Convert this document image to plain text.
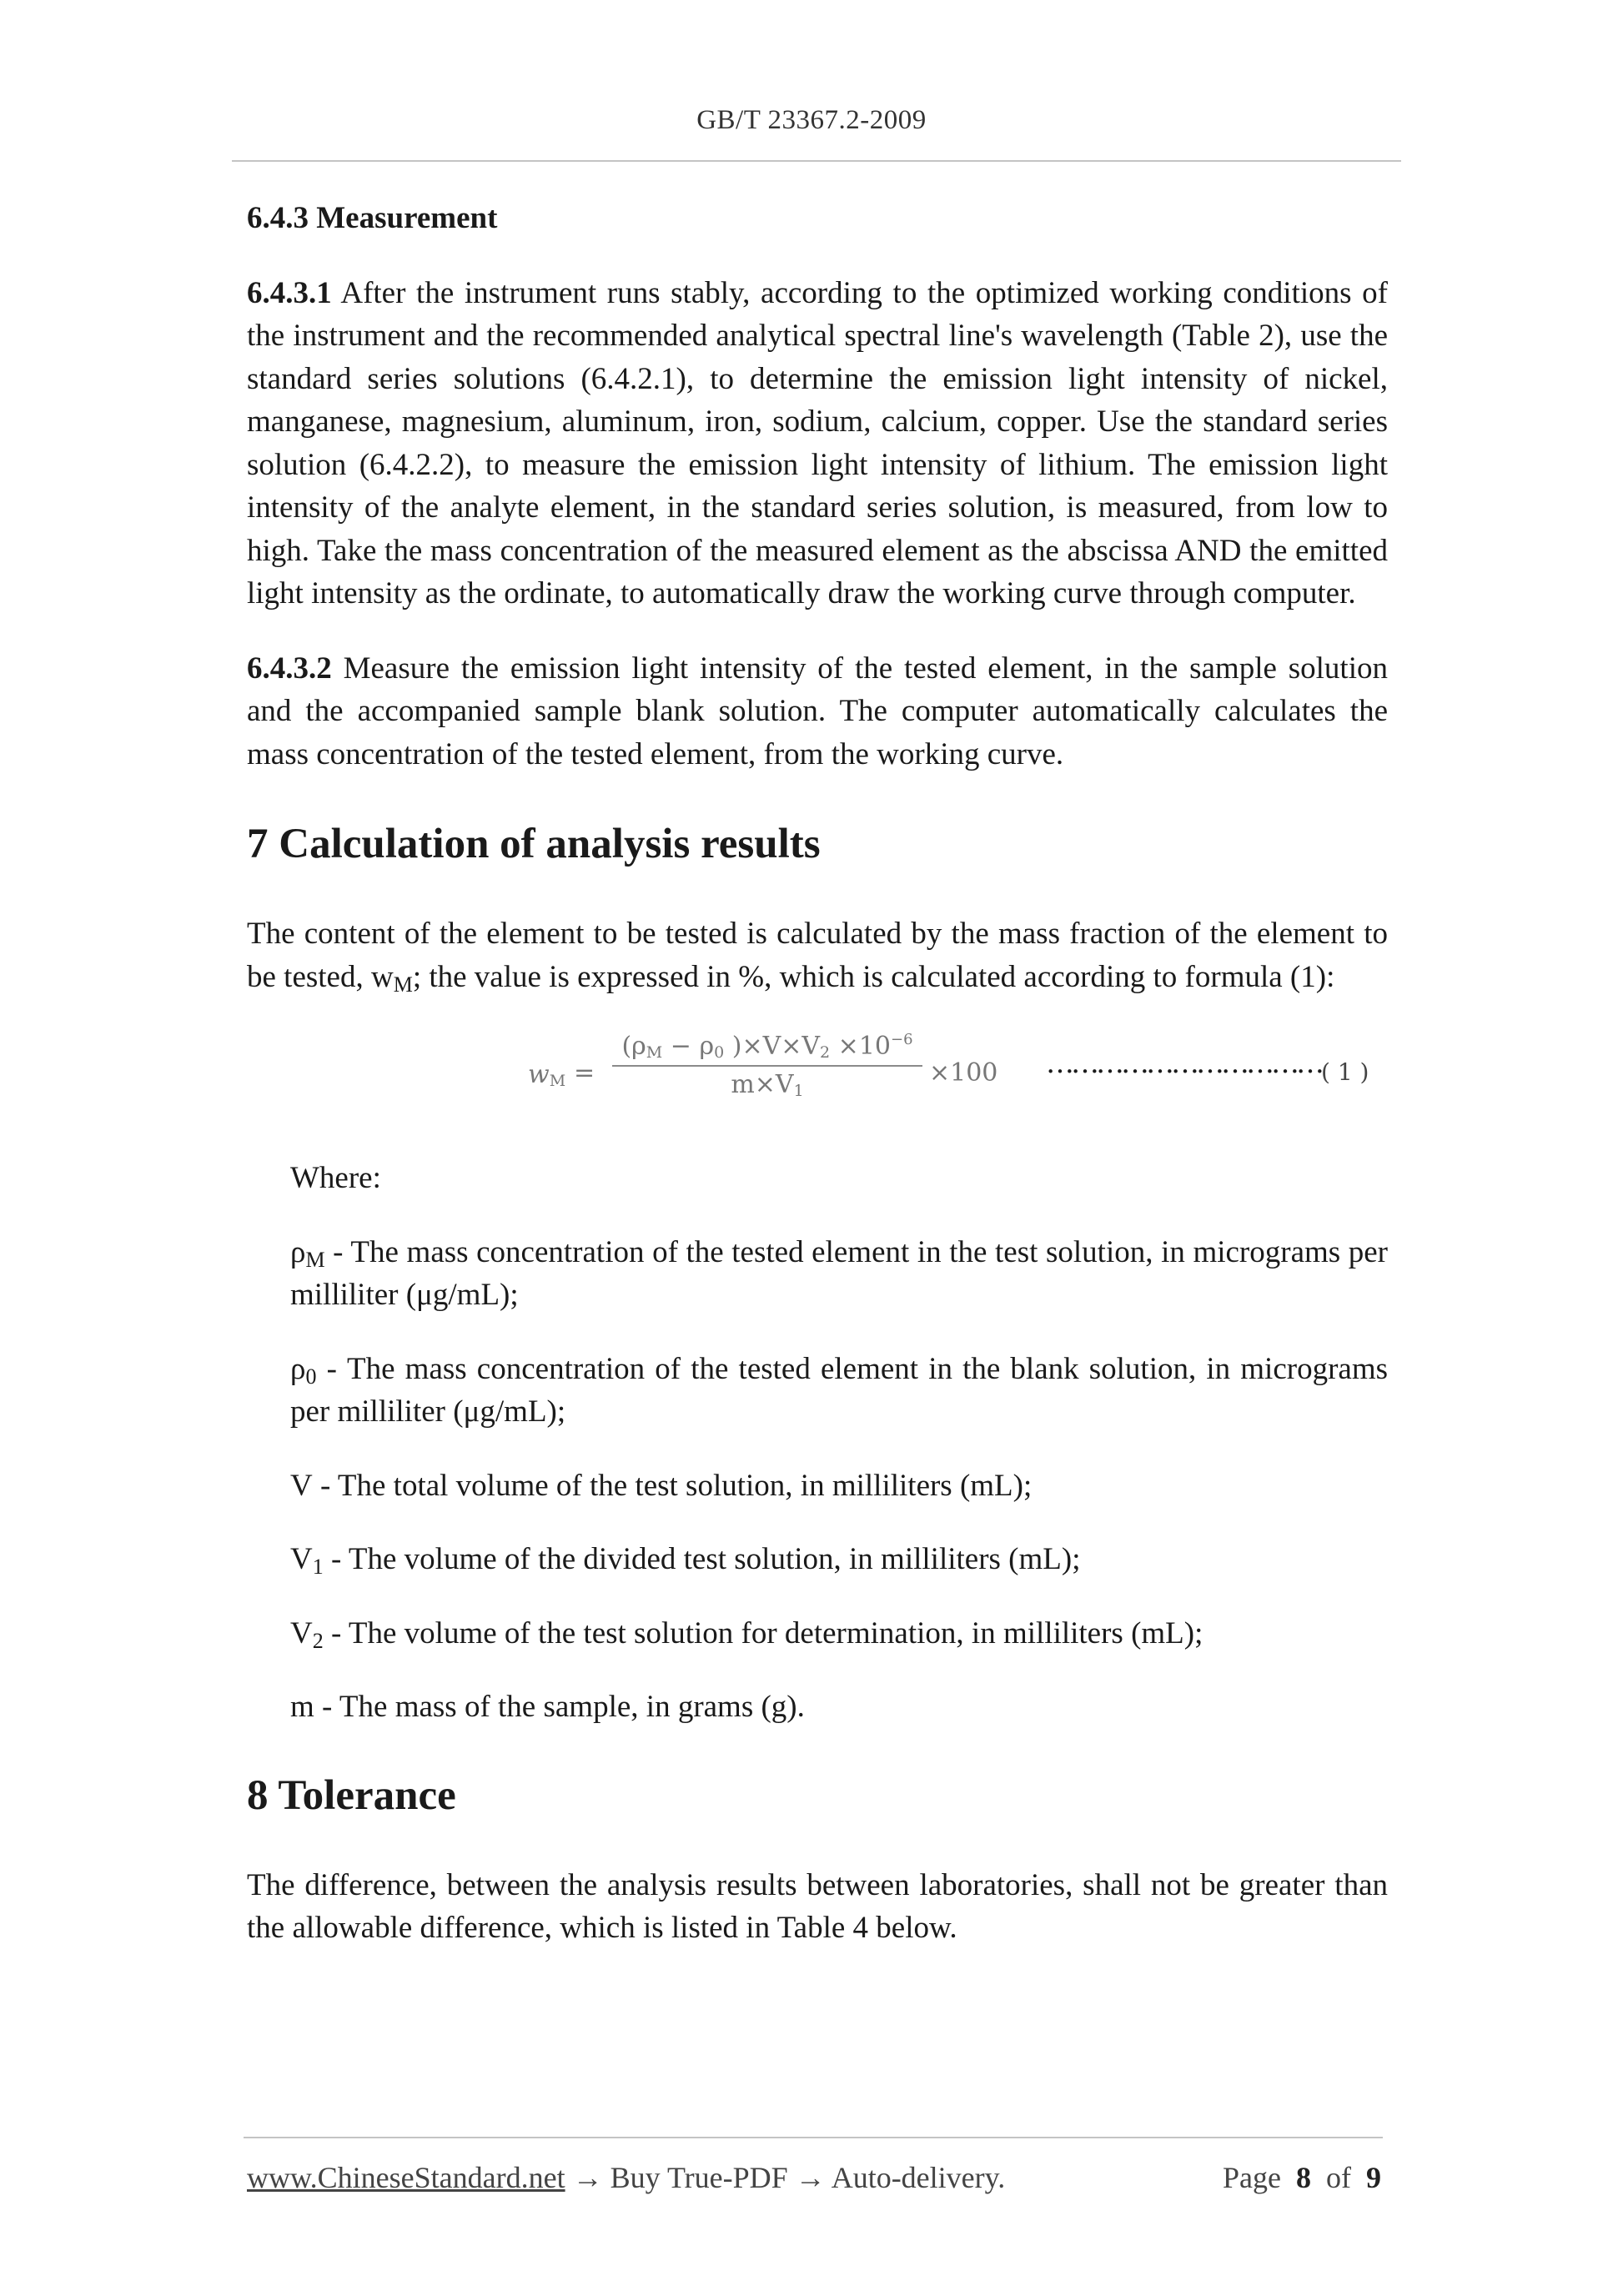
GB/T 23367.2-2009

6.4.3 Measurement

6.4.3.1 After the instrument runs stably, according to the optimized working conditions of the instrument and the recommended analytical spectral line's wavelength (Table 2), use the standard series solutions (6.4.2.1), to determine the emission light intensity of nickel, manganese, magnesium, aluminum, iron, sodium, calcium, copper. Use the standard series solution (6.4.2.2), to measure the emission light intensity of lithium. The emission light intensity of the analyte element, in the standard series solution, is measured, from low to high. Take the mass concentration of the measured element as the abscissa AND the emitted light intensity as the ordinate, to automatically draw the working curve through computer.

6.4.3.2 Measure the emission light intensity of the tested element, in the sample solution and the accompanied sample blank solution. The computer automatically calculates the mass concentration of the tested element, from the working curve.

7 Calculation of analysis results

The content of the element to be tested is calculated by the mass fraction of the element to be tested, $w_M$; the value is expressed in %, which is calculated according to formula (1):

$w_M$ =
($\rho_M - \rho_0$ )$\times V\times V_2 \times 10^{-6}$
$m\times V_1$
×100 …………………………… ( 1 )

Where:

$\rho_M$ - The mass concentration of the tested element in the test solution, in micrograms per milliliter (μg/mL);

$\rho_0$ - The mass concentration of the tested element in the blank solution, in micrograms per milliliter (μg/mL);

V - The total volume of the test solution, in milliliters (mL);

$V_1$ - The volume of the divided test solution, in milliliters (mL);

$V_2$ - The volume of the test solution for determination, in milliliters (mL);

m - The mass of the sample, in grams (g).

8 Tolerance

The difference, between the analysis results between laboratories, shall not be greater than the allowable difference, which is listed in Table 4 below.

www.ChineseStandard.net → Buy True-PDF → Auto-delivery.	Page 8 of 9
